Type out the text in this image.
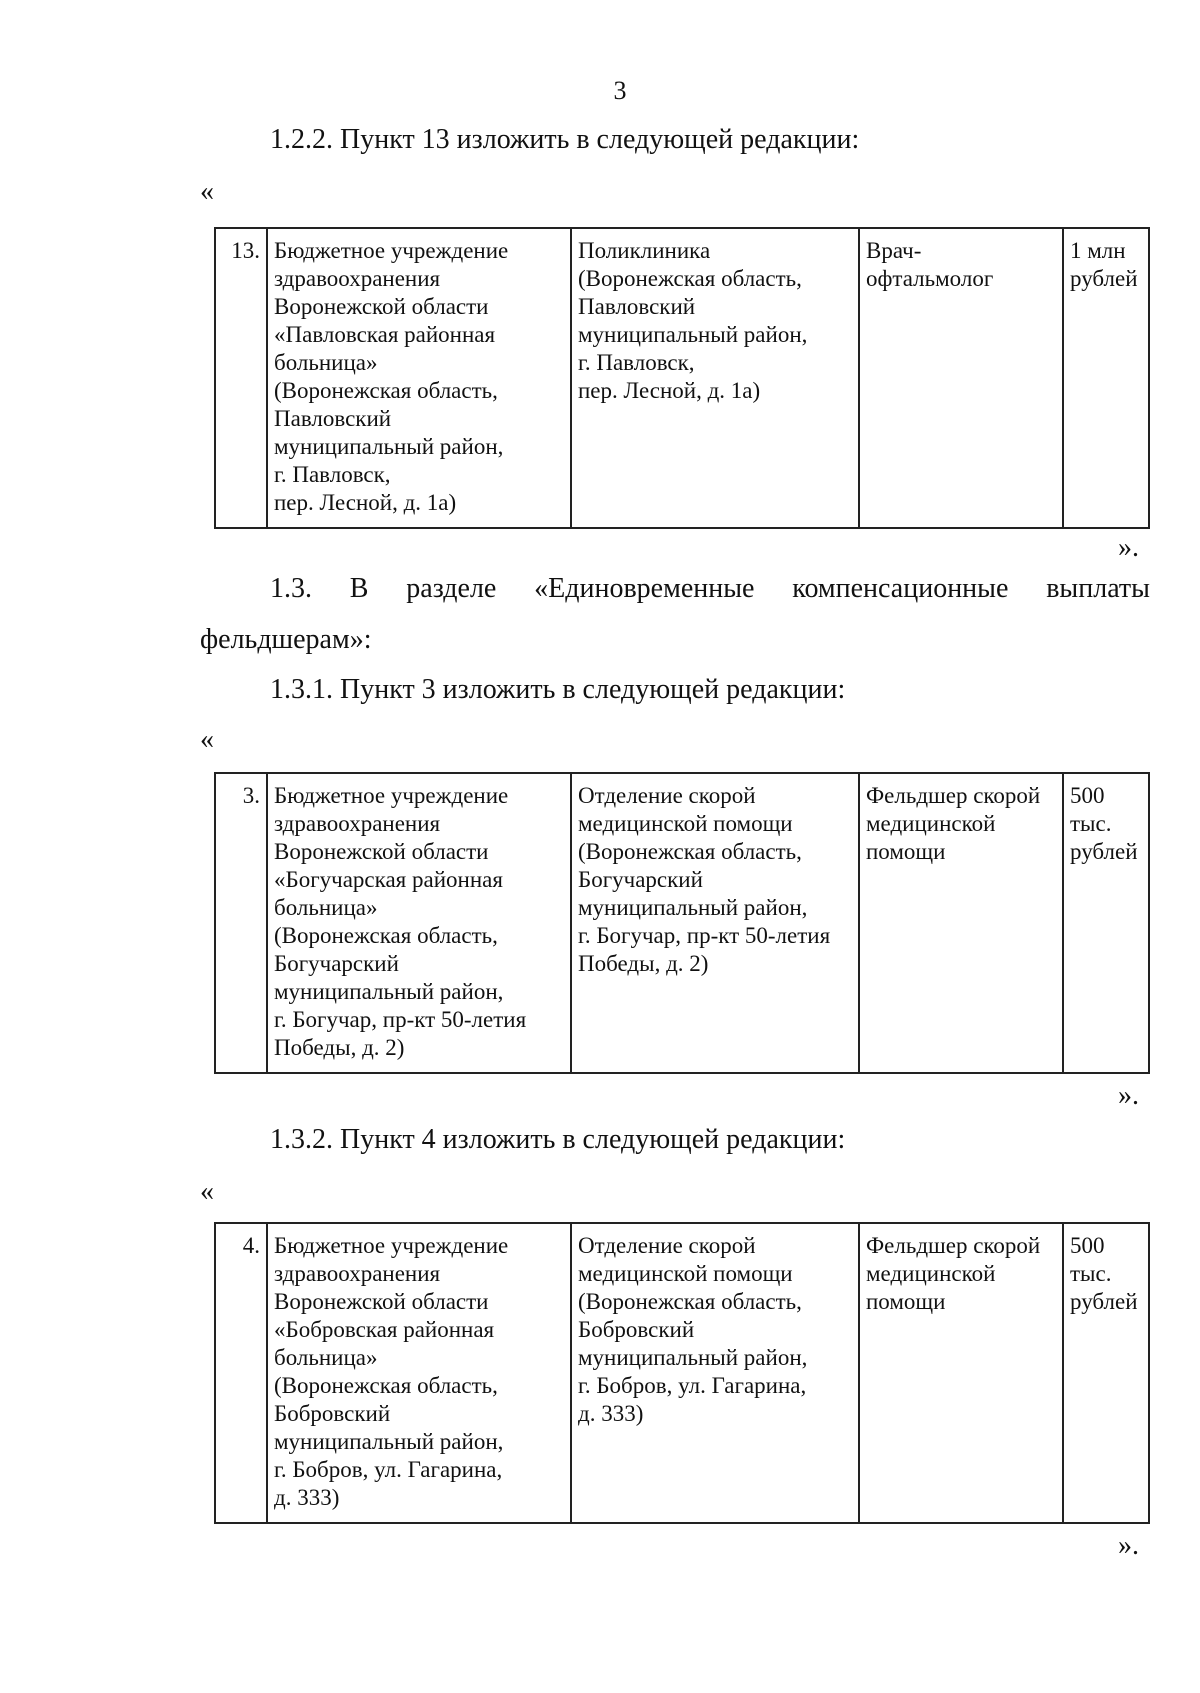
3
1.2.2. Пункт 13 изложить в следующей редакции:
«
13.	Бюджетное учреждение
здравоохранения
Воронежской области
«Павловская районная
больница»
(Воронежская область,
Павловский
муниципальный район,
г. Павловск,
пер. Лесной, д. 1а)

Поликлиника
(Воронежская область,
Павловский
муниципальный район,
г. Павловск,
пер. Лесной, д. 1а)

Врач-
офтальмолог

1 млн
рублей
».
1.3. В разделе «Единовременные компенсационные выплаты
фельдшерам»:
1.3.1. Пункт 3 изложить в следующей редакции:
«
3.	Бюджетное учреждение
здравоохранения
Воронежской области
«Богучарская районная
больница»
(Воронежская область,
Богучарский
муниципальный район,
г. Богучар, пр-кт 50-летия
Победы, д. 2)

Отделение скорой
медицинской помощи
(Воронежская область,
Богучарский
муниципальный район,
г. Богучар, пр-кт 50-летия
Победы, д. 2)

Фельдшер скорой
медицинской
помощи

500
тыс.
рублей
».
1.3.2. Пункт 4 изложить в следующей редакции:
«
4.	Бюджетное учреждение
здравоохранения
Воронежской области
«Бобровская районная
больница»
(Воронежская область,
Бобровский
муниципальный район,
г. Бобров, ул. Гагарина,
д. 333)

Отделение скорой
медицинской помощи
(Воронежская область,
Бобровский
муниципальный район,
г. Бобров, ул. Гагарина,
д. 333)

Фельдшер скорой
медицинской
помощи

500
тыс.
рублей
».
